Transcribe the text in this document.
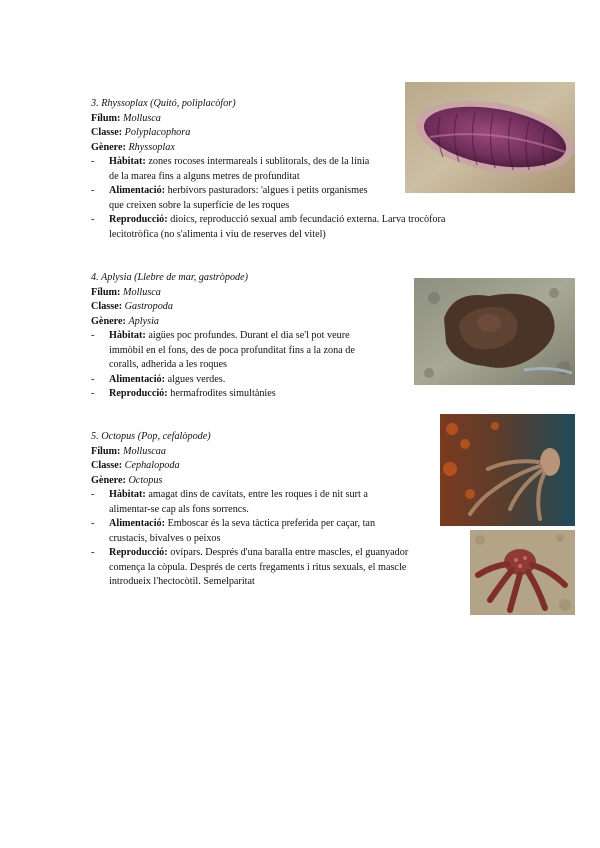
3. Rhyssoplax (Quitó, poliplacòfor)
Fílum: Mollusca
Classe: Polyplacophora
Gènere: Rhyssoplax
- Hàbitat: zones rocoses intermareals i sublitorals, des de la línia
de la marea fins a alguns metres de profunditat
- Alimentació: herbívors pasturadors: 'algues i petits organismes
que creixen sobre la superfície de les roques
- Reproducció: dioics, reproducció sexual amb fecundació externa. Larva trocòfora
lecitotròfica (no s'alimenta i viu de reserves del vitel)
4. Aplysia (Llebre de mar, gastròpode)
Fílum: Mollusca
Classe: Gastropoda
Gènere: Aplysia
- Hàbitat: aigües poc profundes. Durant el dia se'l pot veure
immòbil en el fons, des de poca profunditat fins a la zona de
coralls, adherida a les roques
- Alimentació: algues verdes.
- Reproducció: hermafrodites simultànies
5. Octopus (Pop, cefalòpode)
Fílum: Molluscaa
Classe: Cephalopoda
Gènere: Octopus
- Hàbitat: amagat dins de cavitats, entre les roques i de nit surt a
alimentar-se cap als fons sorrencs.
- Alimentació: Emboscar és la seva tàctica preferida per caçar, tan
crustacis, bivalves o peixos
- Reproducció: ovípars. Després d'una baralla entre mascles, el guanyador
comença la còpula. Després de certs fregaments i ritus sexuals, el mascle
introdueix l'hectocòtil. Semelparitat
